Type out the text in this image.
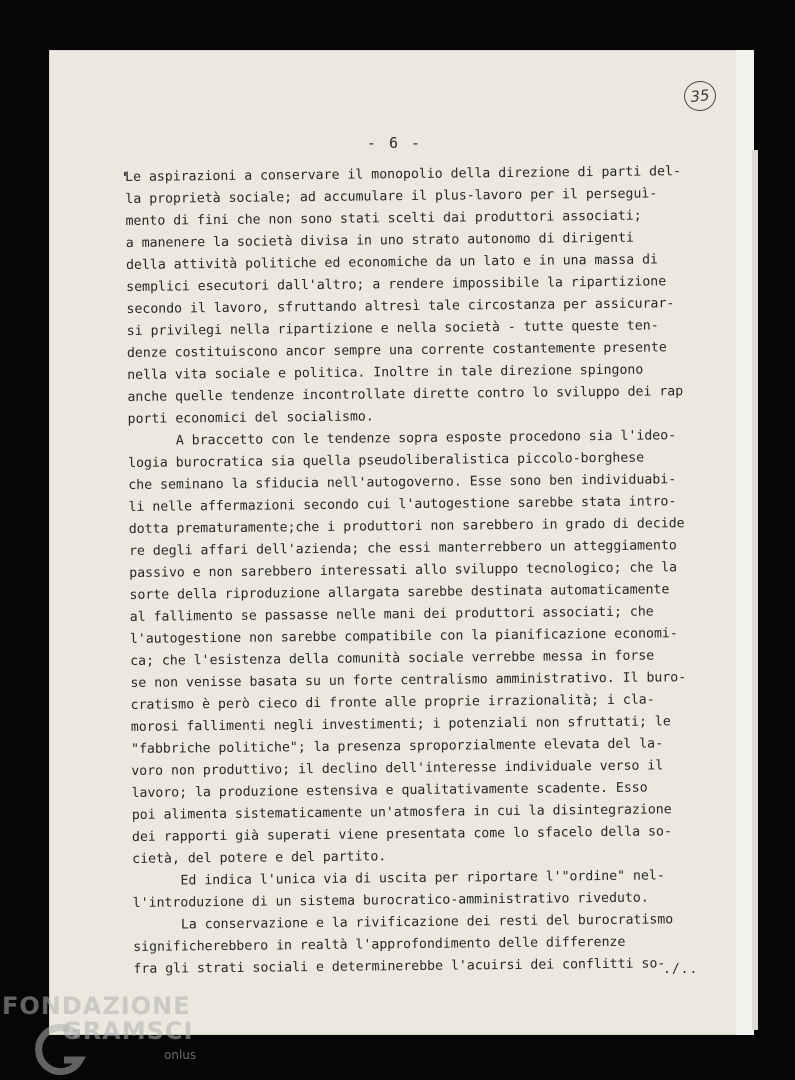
- 6 -
35
Le aspirazioni a conservare il monopolio della direzione di parti del-
la proprietà sociale; ad accumulare il plus-lavoro per il perseguì-
mento di fini che non sono stati scelti dai produttori associati;
a manenere la società divisa in uno strato autonomo di dirigenti
della attività politiche ed economiche da un lato e in una massa di
semplici esecutori dall'altro; a rendere impossibile la ripartizione
secondo il lavoro, sfruttando altresì tale circostanza per assicurar-
si privilegi nella ripartizione e nella società - tutte queste ten-
denze costituiscono ancor sempre una corrente costantemente presente
nella vita sociale e politica. Inoltre in tale direzione spingono
anche quelle tendenze incontrollate dirette contro lo sviluppo dei rap
porti economici del socialismo.
A braccetto con le tendenze sopra esposte procedono sia l'ideo-
logia burocratica sia quella pseudoliberalistica piccolo-borghese
che seminano la sfiducia nell'autogoverno. Esse sono ben individuabi-
li nelle affermazioni secondo cui l'autogestione sarebbe stata intro-
dotta prematuramente;che i produttori non sarebbero in grado di decide
re degli affari dell'azienda; che essi manterrebbero un atteggiamento
passivo e non sarebbero interessati allo sviluppo tecnologico; che la
sorte della riproduzione allargata sarebbe destinata automaticamente
al fallimento se passasse nelle mani dei produttori associati; che
l'autogestione non sarebbe compatibile con la pianificazione economi-
ca; che l'esistenza della comunità sociale verrebbe messa in forse
se non venisse basata su un forte centralismo amministrativo. Il buro-
cratismo è però cieco di fronte alle proprie irrazionalità; i cla-
morosi fallimenti negli investimenti; i potenziali non sfruttati; le
"fabbriche politiche"; la presenza sproporzialmente elevata del la-
voro non produttivo; il declino dell'interesse individuale verso il
lavoro; la produzione estensiva e qualitativamente scadente. Esso
poi alimenta sistematicamente un'atmosfera in cui la disintegrazione
dei rapporti già superati viene presentata come lo sfacelo della so-
cietà, del potere e del partito.
Ed indica l'unica via di uscita per riportare l'"ordine" nel-
l'introduzione di un sistema burocratico-amministrativo riveduto.
La conservazione e la rivificazione dei resti del burocratismo
significherebbero in realtà l'approfondimento delle differenze
fra gli strati sociali e determinerebbe l'acuirsi dei conflitti so-
./..
FONDAZIONE
GRAMSCI
onlus
